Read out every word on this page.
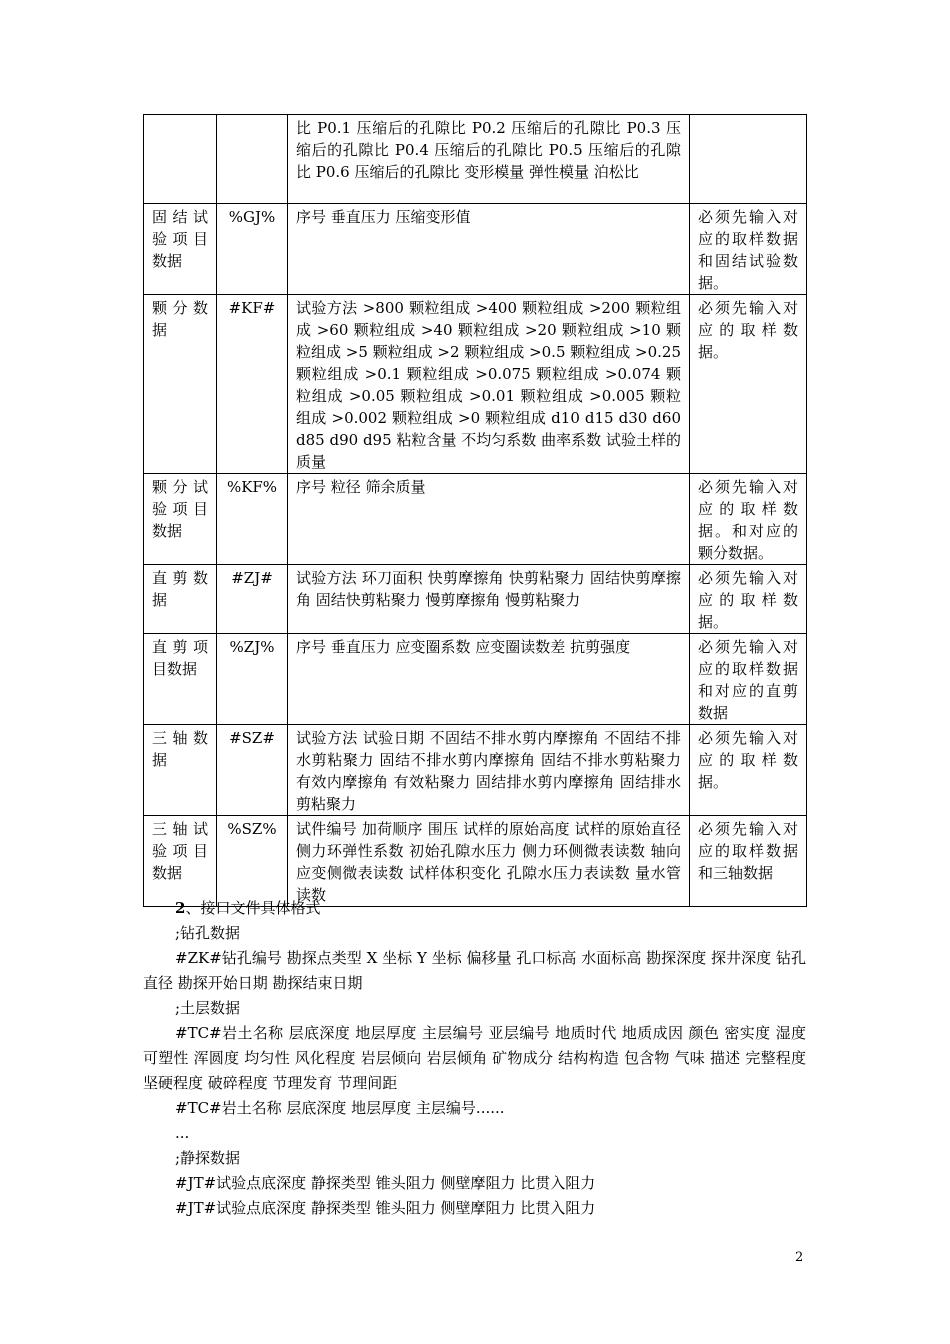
		比 P0.1 压缩后的孔隙比 P0.2 压缩后的孔隙比 P0.3 压缩后的孔隙比 P0.4 压缩后的孔隙比 P0.5 压缩后的孔隙比 P0.6 压缩后的孔隙比 变形模量 弹性模量 泊松比	
固结试验项目数据	%GJ%	序号 垂直压力 压缩变形值	必须先输入对应的取样数据和固结试验数据。
颗分数据	#KF#	试验方法 >800 颗粒组成 >400 颗粒组成 >200 颗粒组成 >60 颗粒组成 >40 颗粒组成 >20 颗粒组成 >10 颗粒组成 >5 颗粒组成 >2 颗粒组成 >0.5 颗粒组成 >0.25 颗粒组成 >0.1 颗粒组成 >0.075 颗粒组成 >0.074 颗粒组成 >0.05 颗粒组成 >0.01 颗粒组成 >0.005 颗粒组成 >0.002 颗粒组成 >0 颗粒组成 d10 d15 d30 d60 d85 d90 d95 粘粒含量 不均匀系数 曲率系数 试验土样的质量	必须先输入对应的取样数据。
颗分试验项目数据	%KF%	序号 粒径 筛余质量	必须先输入对应的取样数据。和对应的颗分数据。
直剪数据	#ZJ#	试验方法 环刀面积 快剪摩擦角 快剪粘聚力 固结快剪摩擦角 固结快剪粘聚力 慢剪摩擦角 慢剪粘聚力	必须先输入对应的取样数据。
直剪项目数据	%ZJ%	序号 垂直压力 应变圈系数 应变圈读数差 抗剪强度	必须先输入对应的取样数据和对应的直剪数据
三轴数据	#SZ#	试验方法 试验日期 不固结不排水剪内摩擦角 不固结不排水剪粘聚力 固结不排水剪内摩擦角 固结不排水剪粘聚力 有效内摩擦角 有效粘聚力 固结排水剪内摩擦角 固结排水剪粘聚力	必须先输入对应的取样数据。
三轴试验项目数据	%SZ%	试件编号 加荷顺序 围压 试样的原始高度 试样的原始直径 侧力环弹性系数 初始孔隙水压力 侧力环侧微表读数 轴向应变侧微表读数 试样体积变化 孔隙水压力表读数 量水管读数	必须先输入对应的取样数据和三轴数据

2、接口文件具体格式

;钻孔数据

#ZK#钻孔编号 勘探点类型 X 坐标 Y 坐标 偏移量 孔口标高 水面标高 勘探深度 探井深度 钻孔直径 勘探开始日期 勘探结束日期

;土层数据

#TC#岩土名称 层底深度 地层厚度 主层编号 亚层编号 地质时代 地质成因 颜色 密实度 湿度 可塑性 浑圆度 均匀性 风化程度 岩层倾向 岩层倾角 矿物成分 结构构造 包含物 气味 描述 完整程度 坚硬程度 破碎程度 节理发育 节理间距

#TC#岩土名称 层底深度 地层厚度 主层编号......

...

;静探数据

#JT#试验点底深度 静探类型 锥头阻力 侧壁摩阻力 比贯入阻力

#JT#试验点底深度 静探类型 锥头阻力 侧壁摩阻力 比贯入阻力

2
